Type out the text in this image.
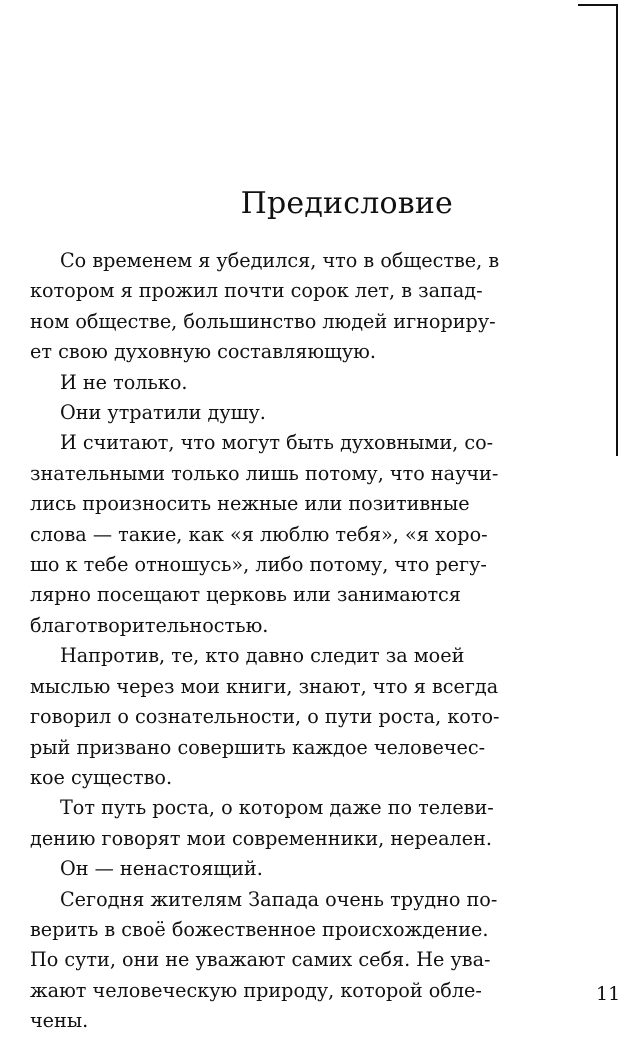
Предисловие

Со временем я убедился, что в обществе, в
котором я прожил почти сорок лет, в запад-
ном обществе, большинство людей игнориру-
ет свою духовную составляющую.

И не только.

Они утратили душу.

И считают, что могут быть духовными, со-
знательными только лишь потому, что научи-
лись произносить нежные или позитивные
слова — такие, как «я люблю тебя», «я хоро-
шо к тебе отношусь», либо потому, что регу-
лярно посещают церковь или занимаются
благотворительностью.

Напротив, те, кто давно следит за моей
мыслью через мои книги, знают, что я всегда
говорил о сознательности, о пути роста, кото-
рый призвано совершить каждое человечес-
кое существо.

Тот путь роста, о котором даже по телеви-
дению говорят мои современники, нереален.

Он — ненастоящий.

Сегодня жителям Запада очень трудно по-
верить в своё божественное происхождение.
По сути, они не уважают самих себя. Не ува-
жают человеческую природу, которой облe-
чены.

11
